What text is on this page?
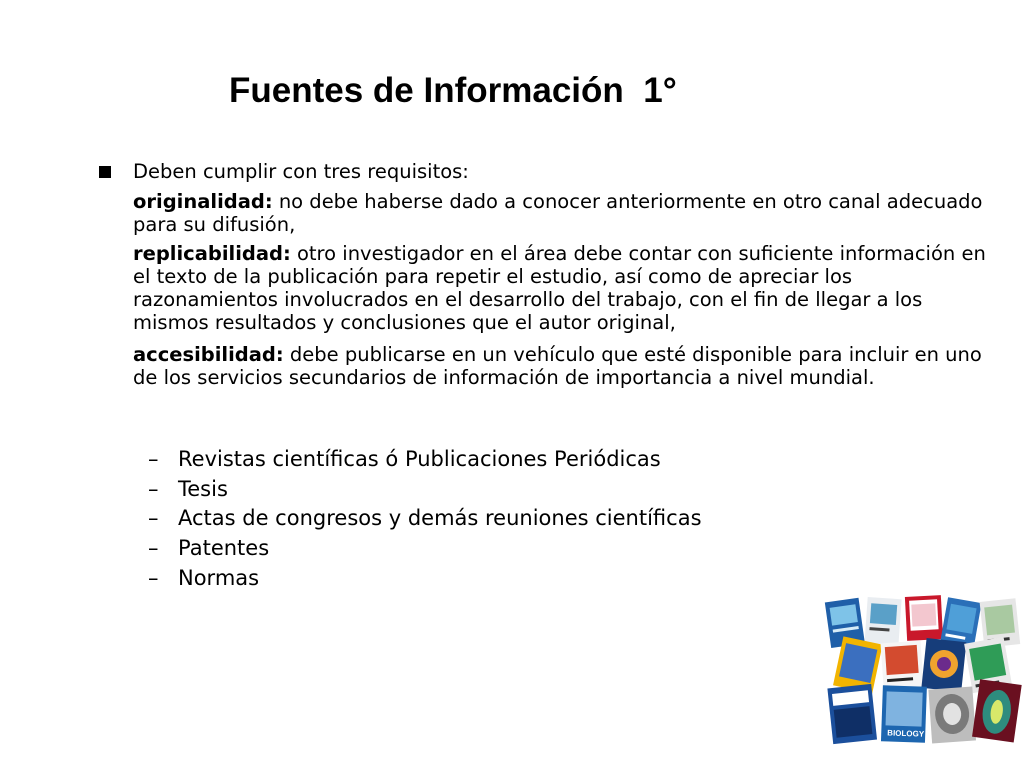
Fuentes de Información  1°
Deben cumplir con tres requisitos:

originalidad: no debe haberse dado a conocer anteriormente en otro canal adecuado para su difusión,

replicabilidad: otro investigador en el área debe contar con suficiente información en el texto de la publicación para repetir el estudio, así como de apreciar los razonamientos involucrados en el desarrollo del trabajo, con el fin de llegar a los mismos resultados y conclusiones que el autor original,

accesibilidad: debe publicarse en un vehículo que esté disponible para incluir en uno de los servicios secundarios de información de importancia a nivel mundial.

– Revistas científicas ó Publicaciones Periódicas
– Tesis
– Actas de congresos y demás reuniones científicas
– Patentes
– Normas
BIOLOGY
